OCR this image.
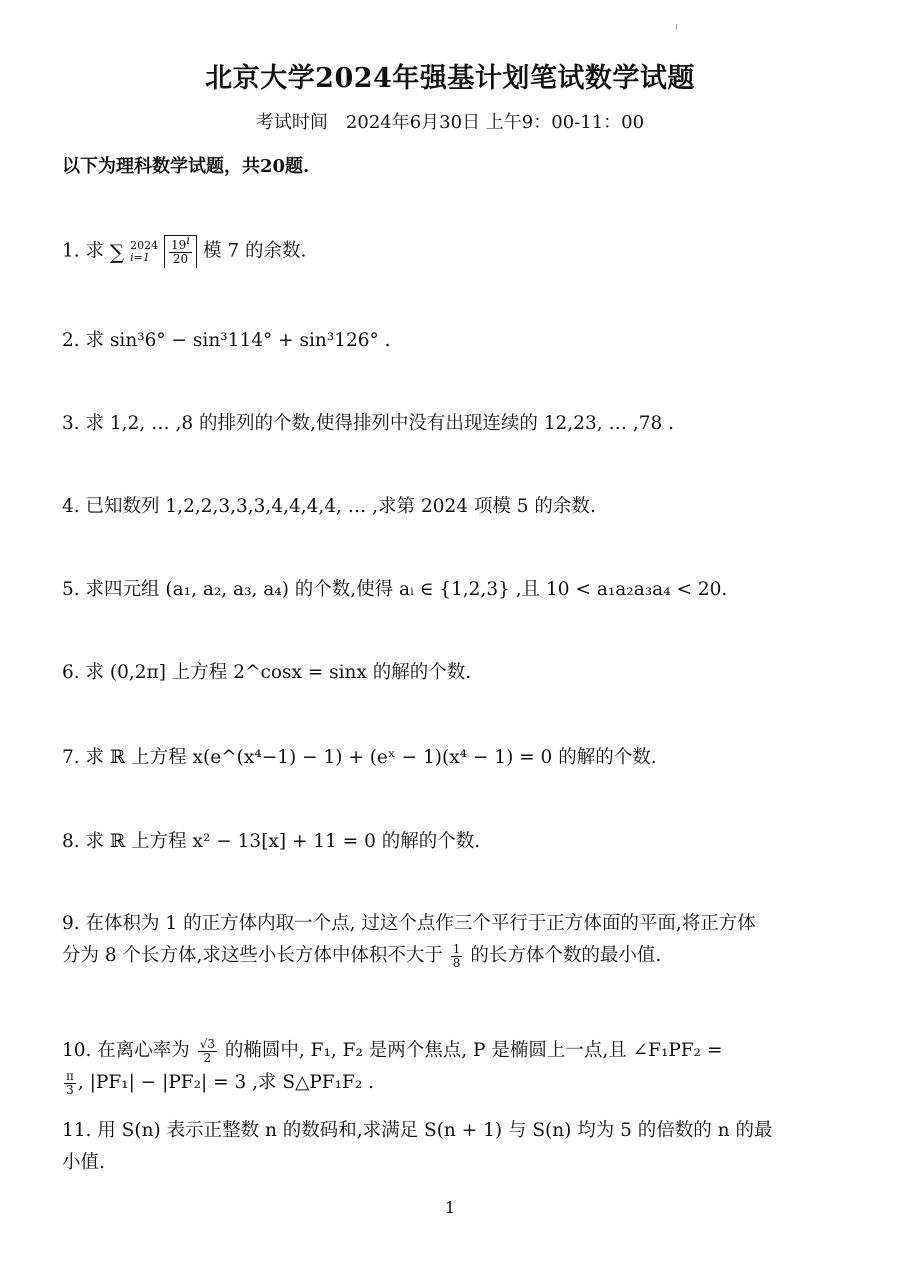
北京大学2024年强基计划笔试数学试题
考试时间　2024年6月30日 上午9：00-11：00
以下为理科数学试题，共20题.
1. 求 ∑ 2024
i=1
	$\frac{19^i}{20}$ 模 7 的余数.
2. 求 sin³6° − sin³114° + sin³126° .
3. 求 1,2, … ,8 的排列的个数,使得排列中没有出现连续的 12,23, … ,78 .
4. 已知数列 1,2,2,3,3,3,4,4,4,4, … ,求第 2024 项模 5 的余数.
5. 求四元组 (a₁, a₂, a₃, a₄) 的个数,使得 aᵢ ∈ {1,2,3} ,且 10 < a₁a₂a₃a₄ < 20.
6. 求 (0,2π] 上方程 2^cosx = sinx 的解的个数.
7. 求 ℝ 上方程 x(e^(x⁴−1) − 1) + (eˣ − 1)(x⁴ − 1) = 0 的解的个数.
8. 求 ℝ 上方程 x² − 13[x] + 11 = 0 的解的个数.
9. 在体积为 1 的正方体内取一个点, 过这个点作三个平行于正方体面的平面,将正方体
分为 8 个长方体,求这些小长方体中体积不大于 $\frac{1}{8}$ 的长方体个数的最小值.
10. 在离心率为 $\frac{√3}{2}$ 的椭圆中, F₁, F₂ 是两个焦点, P 是椭圆上一点,且 ∠F₁PF₂ =
$\frac{\pi}{3}$ , |PF₁| − |PF₂| = 3 ,求 S△PF₁F₂ .
11. 用 S(n) 表示正整数 n 的数码和,求满足 S(n + 1) 与 S(n) 均为 5 的倍数的 n 的最
小值.
1
